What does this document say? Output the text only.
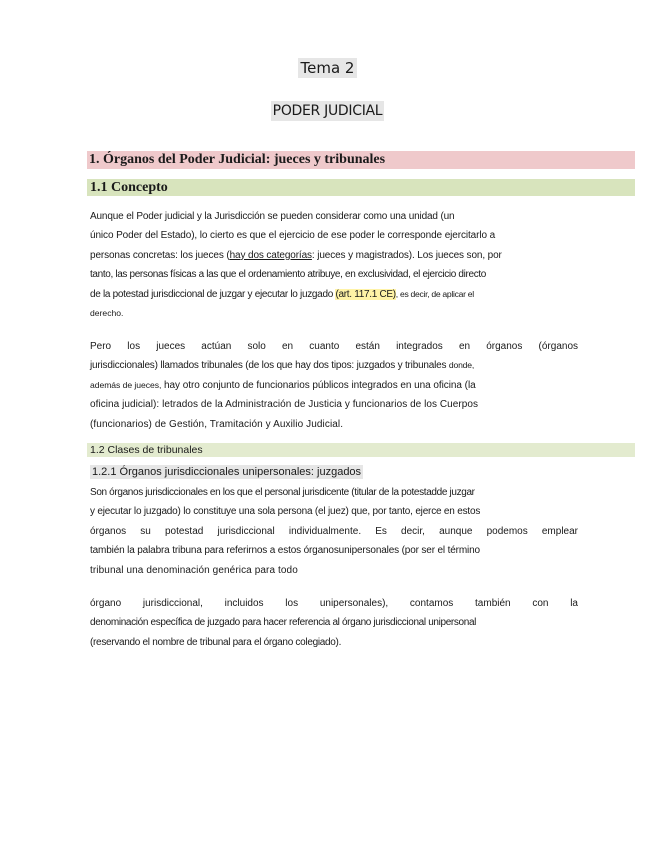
Tema 2
PODER JUDICIAL
1. Órganos del Poder Judicial: jueces y tribunales
1.1 Concepto
Aunque el Poder judicial y la Jurisdicción se pueden considerar como una unidad (un
único Poder del Estado), lo cierto es que el ejercicio de ese poder le corresponde ejercitarlo a
personas concretas: los jueces (hay dos categorías: jueces y magistrados). Los jueces son, por
tanto, las personas físicas a las que el ordenamiento atribuye, en exclusividad, el ejercicio directo
de la potestad jurisdiccional de juzgar y ejecutar lo juzgado (art. 117.1 CE), es decir, de aplicar el
derecho.
Pero los jueces actúan solo en cuanto están integrados en órganos (órganos
jurisdiccionales) llamados tribunales (de los que hay dos tipos: juzgados y tribunales donde,
además de jueces, hay otro conjunto de funcionarios públicos integrados en una oficina (la
oficina judicial): letrados de la Administración de Justicia y funcionarios de los Cuerpos
(funcionarios) de Gestión, Tramitación y Auxilio Judicial.
1.2 Clases de tribunales
1.2.1 Órganos jurisdiccionales unipersonales: juzgados
Son órganos jurisdiccionales en los que el personal jurisdicente (titular de la potestadde juzgar
y ejecutar lo juzgado) lo constituye una sola persona (el juez) que, por tanto, ejerce en estos
órganos su potestad jurisdiccional individualmente. Es decir, aunque podemos emplear
también la palabra tribuna para referirnos a estos órganosunipersonales (por ser el término
tribunal una denominación genérica para todo
órgano jurisdiccional, incluidos los unipersonales), contamos también con la
denominación específica de juzgado para hacer referencia al órgano jurisdiccional unipersonal
(reservando el nombre de tribunal para el órgano colegiado).
